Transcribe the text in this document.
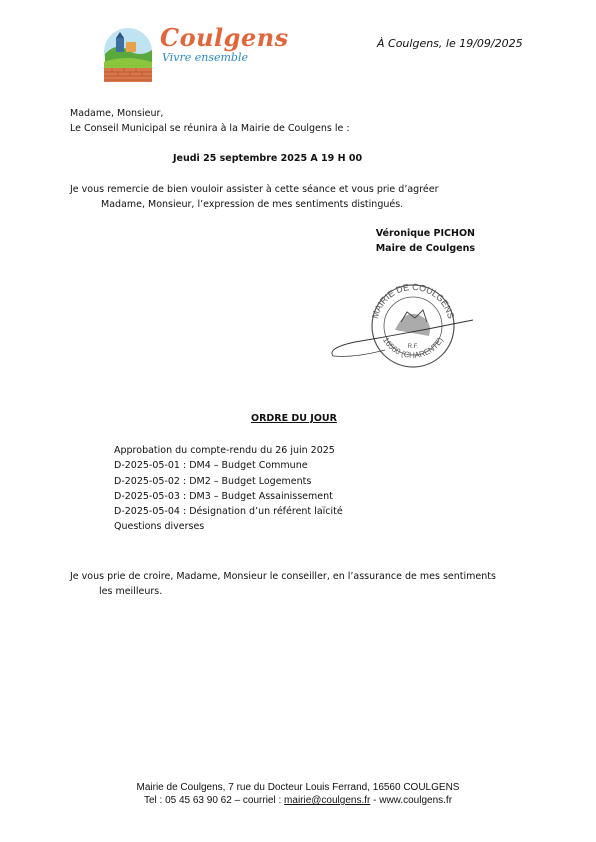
Coulgens
Vivre ensemble
À Coulgens, le 19/09/2025
Madame, Monsieur,
Le Conseil Municipal se réunira à la Mairie de Coulgens le :
Jeudi 25 septembre 2025 A 19 H 00
Je vous remercie de bien vouloir assister à cette séance et vous prie d’agréer
Madame, Monsieur, l’expression de mes sentiments distingués.
Véronique PICHON
Maire de Coulgens
MAIRIE DE COULGENS
16560 (CHARENTE)
R.F.
ORDRE DU JOUR
Approbation du compte-rendu du 26 juin 2025
D-2025-05-01 : DM4 – Budget Commune
D-2025-05-02 : DM2 – Budget Logements
D-2025-05-03 : DM3 – Budget Assainissement
D-2025-05-04 : Désignation d’un référent laïcité
Questions diverses
Je vous prie de croire, Madame, Monsieur le conseiller, en l’assurance de mes sentiments
les meilleurs.
Mairie de Coulgens, 7 rue du Docteur Louis Ferrand, 16560 COULGENS
Tel : 05 45 63 90 62 – courriel : mairie@coulgens.fr - www.coulgens.fr
